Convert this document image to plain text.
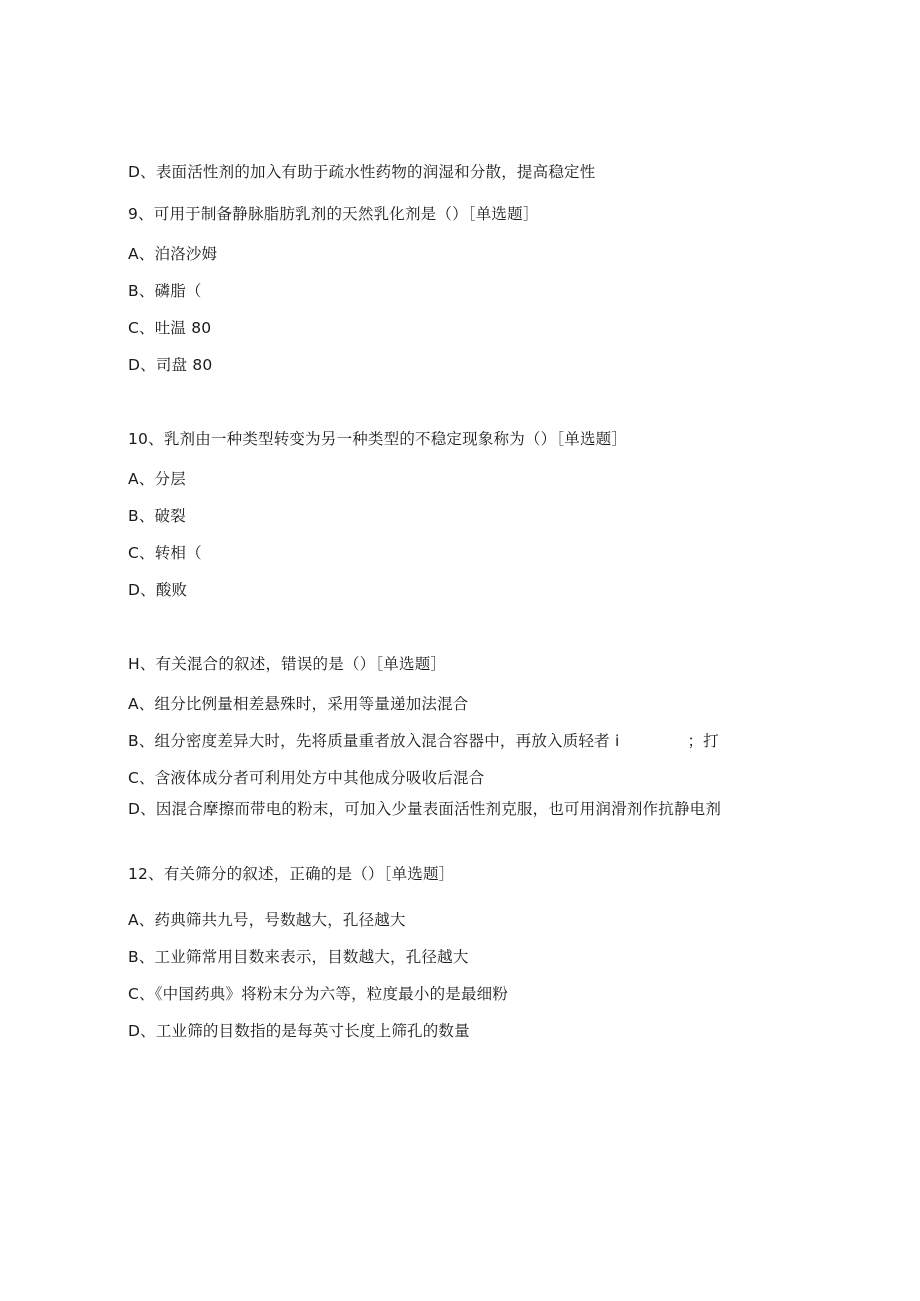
D、表面活性剂的加入有助于疏水性药物的润湿和分散，提高稳定性
9、可用于制备静脉脂肪乳剂的天然乳化剂是（）［单选题］
A、泊洛沙姆
B、磷脂（
C、吐温 80
D、司盘 80
10、乳剂由一种类型转变为另一种类型的不稳定现象称为（）［单选题］
A、分层
B、破裂
C、转相（
D、酸败
H、有关混合的叙述，错误的是（）［单选题］
A、组分比例量相差悬殊时，采用等量递加法混合
B、组分密度差异大时，先将质量重者放入混合容器中，再放入质轻者 i	；打
C、含液体成分者可利用处方中其他成分吸收后混合
D、因混合摩擦而带电的粉末，可加入少量表面活性剂克服，也可用润滑剂作抗静电剂
12、有关筛分的叙述，正确的是（）［单选题］
A、药典筛共九号，号数越大，孔径越大
B、工业筛常用目数来表示，目数越大，孔径越大
C、《中国药典》将粉末分为六等，粒度最小的是最细粉
D、工业筛的目数指的是每英寸长度上筛孔的数量
